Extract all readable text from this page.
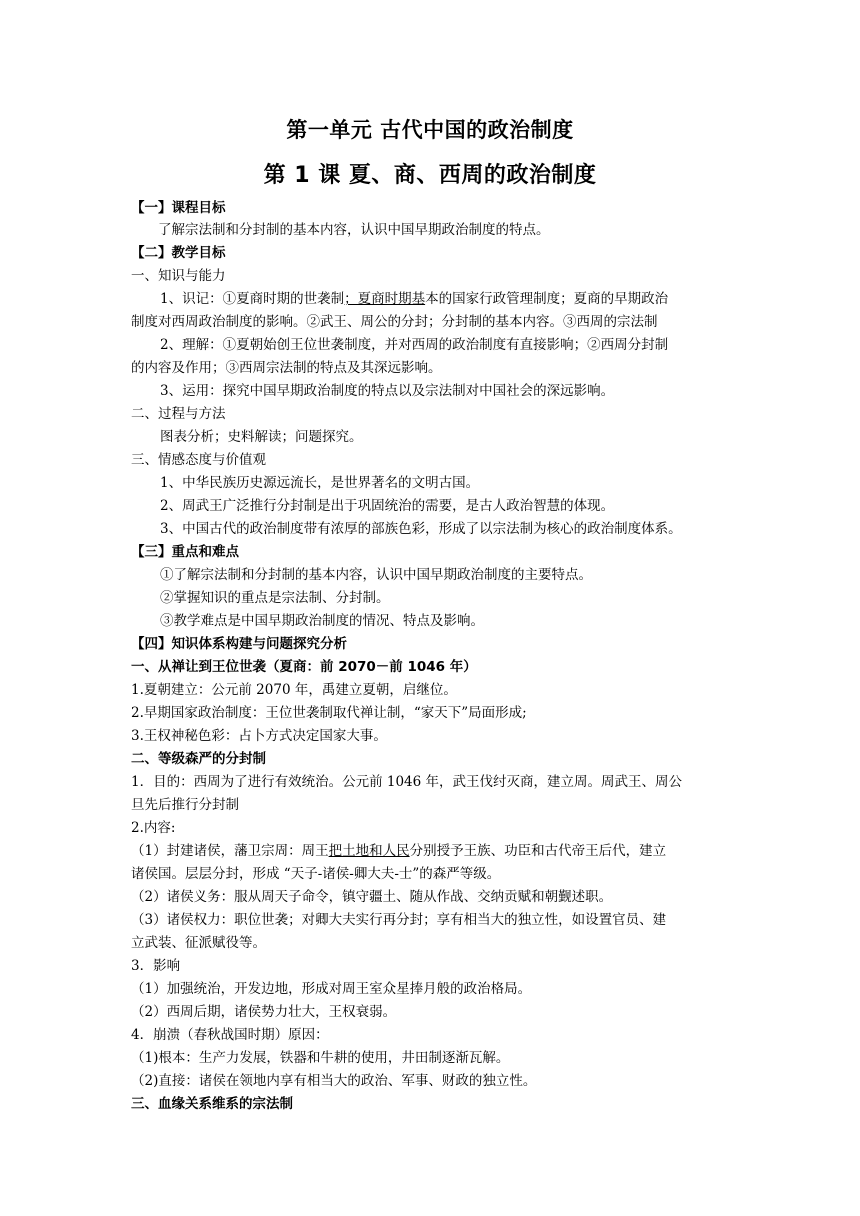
第一单元 古代中国的政治制度
第 1 课 夏、商、西周的政治制度
【一】课程目标
了解宗法制和分封制的基本内容，认识中国早期政治制度的特点。
【二】教学目标
一、知识与能力
1、识记：①夏商时期的世袭制；夏商时期基本的国家行政管理制度；夏商的早期政治
制度对西周政治制度的影响。②武王、周公的分封；分封制的基本内容。③西周的宗法制
2、理解：①夏朝始创王位世袭制度，并对西周的政治制度有直接影响；②西周分封制
的内容及作用；③西周宗法制的特点及其深远影响。
3、运用：探究中国早期政治制度的特点以及宗法制对中国社会的深远影响。
二、过程与方法
图表分析；史料解读；问题探究。
三、情感态度与价值观
1、中华民族历史源远流长，是世界著名的文明古国。
2、周武王广泛推行分封制是出于巩固统治的需要，是古人政治智慧的体现。
3、中国古代的政治制度带有浓厚的部族色彩，形成了以宗法制为核心的政治制度体系。
【三】重点和难点
①了解宗法制和分封制的基本内容，认识中国早期政治制度的主要特点。
②掌握知识的重点是宗法制、分封制。
③教学难点是中国早期政治制度的情况、特点及影响。
【四】知识体系构建与问题探究分析
一、从禅让到王位世袭（夏商：前 2070－前 1046 年）
1.夏朝建立：公元前 2070 年，禹建立夏朝，启继位。
2.早期国家政治制度：王位世袭制取代禅让制，“家天下”局面形成;
3.王权神秘色彩：占卜方式决定国家大事。
二、等级森严的分封制
1．目的：西周为了进行有效统治。公元前 1046 年，武王伐纣灭商，建立周。周武王、周公
旦先后推行分封制
2.内容:
（1）封建诸侯，藩卫宗周：周王把土地和人民分别授予王族、功臣和古代帝王后代，建立
诸侯国。层层分封，形成 “天子-诸侯-卿大夫-士”的森严等级。
（2）诸侯义务：服从周天子命令，镇守疆土、随从作战、交纳贡赋和朝觐述职。
（3）诸侯权力：职位世袭；对卿大夫实行再分封；享有相当大的独立性，如设置官员、建
立武装、征派赋役等。
3．影响
（1）加强统治，开发边地，形成对周王室众星捧月般的政治格局。
（2）西周后期，诸侯势力壮大，王权衰弱。
4．崩溃（春秋战国时期）原因：
（1)根本：生产力发展，铁器和牛耕的使用，井田制逐渐瓦解。
（2)直接：诸侯在领地内享有相当大的政治、军事、财政的独立性。
三、血缘关系维系的宗法制
